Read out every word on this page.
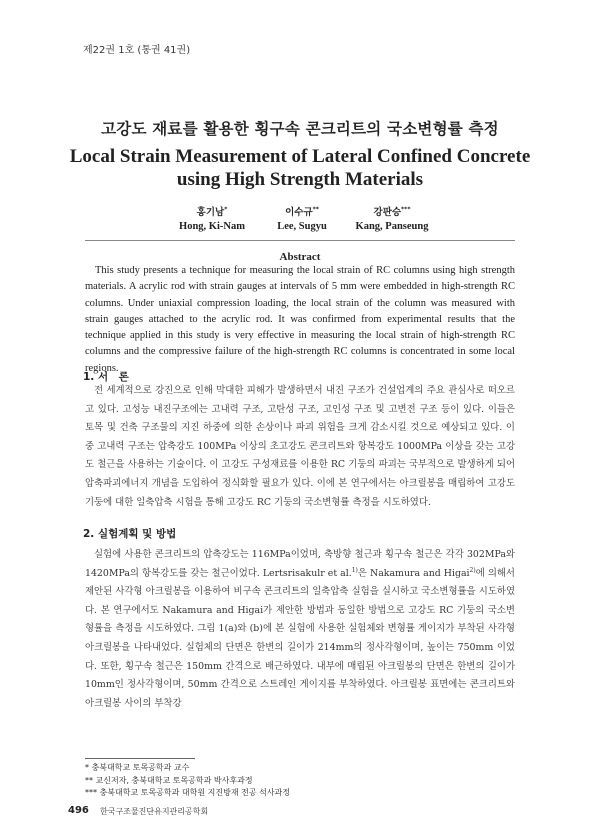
제22권 1호 (통권 41권)
고강도 재료를 활용한 횡구속 콘크리트의 국소변형률 측정
Local Strain Measurement of Lateral Confined Concrete
using High Strength Materials
홍기남*
Hong, Ki-Nam
이수규**
Lee, Sugyu
강판승***
Kang, Panseung
Abstract
This study presents a technique for measuring the local strain of RC columns using high strength materials. A acrylic rod with strain gauges at intervals of 5 mm were embedded in high-strength RC columns. Under uniaxial compression loading, the local strain of the column was measured with strain gauges attached to the acrylic rod. It was confirmed from experimental results that the technique applied in this study is very effective in measuring the local strain of high-strength RC columns and the compressive failure of the high-strength RC columns is concentrated in some local regions.
1. 서　론
전 세계적으로 강진으로 인해 막대한 피해가 발생하면서 내진 구조가 건설업계의 주요 관심사로 떠오르고 있다. 고성능 내진구조에는 고내력 구조, 고탄성 구조, 고인성 구조 및 고변전 구조 등이 있다. 이들은 토목 및 건축 구조물의 지진 하중에 의한 손상이나 파괴 위험을 크게 감소시킬 것으로 예상되고 있다. 이 중 고내력 구조는 압축강도 100MPa 이상의 초고강도 콘크리트와 항복강도 1000MPa 이상을 갖는 고강도 철근을 사용하는 기술이다. 이 고강도 구성재료를 이용한 RC 기둥의 파괴는 국부적으로 발생하게 되어 압축파괴에너지 개념을 도입하여 정식화할 필요가 있다. 이에 본 연구에서는 아크릴봉을 매립하여 고강도 기둥에 대한 일축압축 시험을 통해 고강도 RC 기둥의 국소변형률 측정을 시도하였다.
2. 실험계획 및 방법
실험에 사용한 콘크리트의 압축강도는 116MPa이었며, 축방향 철근과 횡구속 철근은 각각 302MPa와 1420MPa의 항복강도를 갖는 철근이었다. Lertsrisakulr et al.$^{1)}$은 Nakamura and Higai$^{2)}$에 의해서 제안된 사각형 아크릴봉을 이용하여 비구속 콘크리트의 일축압축 실험을 실시하고 국소변형률을 시도하였다. 본 연구에서도 Nakamura and Higai가 제안한 방법과 동일한 방법으로 고강도 RC 기둥의 국소변형률을 측정을 시도하였다. 그림 1(a)와 (b)에 본 실험에 사용한 실험체와 변형률 게이지가 부착된 사각형 아크릴봉을 나타내었다. 실험체의 단면은 한변의 길이가 214mm의 정사각형이며, 높이는 750mm 이었다. 또한, 횡구속 철근은 150mm 간격으로 배근하였다. 내부에 매립된 아크릴봉의 단면은 한변의 길이가 10mm인 정사각형이며, 50mm 간격으로 스트레인 게이지를 부착하였다. 아크릴봉 표면에는 콘크리트와 아크릴봉 사이의 부착강
* 충북대학교 토목공학과 교수
** 교신저자, 충북대학교 토목공학과 박사후과정
*** 충북대학교 토목공학과 대학원 지진방재 전공 석사과정
496 한국구조물진단유지관리공학회
